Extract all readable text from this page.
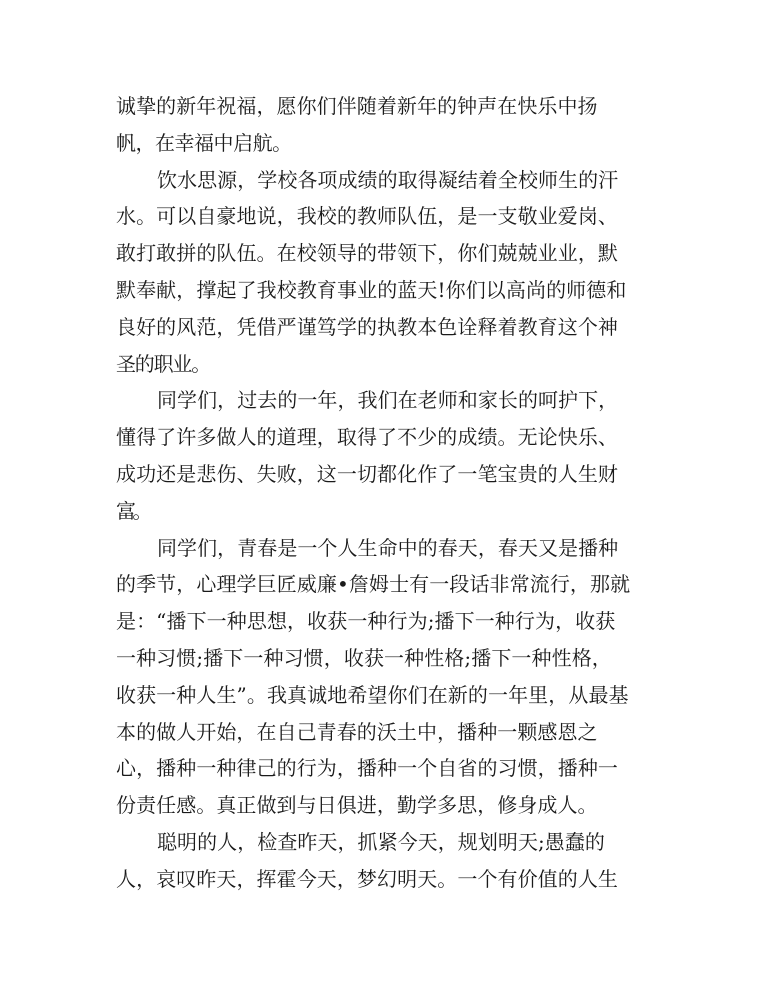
诚挚的新年祝福，愿你们伴随着新年的钟声在快乐中扬
帆，在幸福中启航。
饮水思源，学校各项成绩的取得凝结着全校师生的汗
水。可以自豪地说，我校的教师队伍，是一支敬业爱岗、
敢打敢拼的队伍。在校领导的带领下，你们兢兢业业，默
默奉献，撑起了我校教育事业的蓝天!你们以高尚的师德和
良好的风范，凭借严谨笃学的执教本色诠释着教育这个神
圣的职业。
同学们，过去的一年，我们在老师和家长的呵护下，
懂得了许多做人的道理，取得了不少的成绩。无论快乐、
成功还是悲伤、失败，这一切都化作了一笔宝贵的人生财
富。
同学们，青春是一个人生命中的春天，春天又是播种
的季节，心理学巨匠威廉•詹姆士有一段话非常流行，那就
是：“播下一种思想，收获一种行为;播下一种行为，收获
一种习惯;播下一种习惯，收获一种性格;播下一种性格，
收获一种人生”。我真诚地希望你们在新的一年里，从最基
本的做人开始，在自己青春的沃土中，播种一颗感恩之
心，播种一种律己的行为，播种一个自省的习惯，播种一
份责任感。真正做到与日俱进，勤学多思，修身成人。
聪明的人，检查昨天，抓紧今天，规划明天;愚蠢的
人，哀叹昨天，挥霍今天，梦幻明天。一个有价值的人生
